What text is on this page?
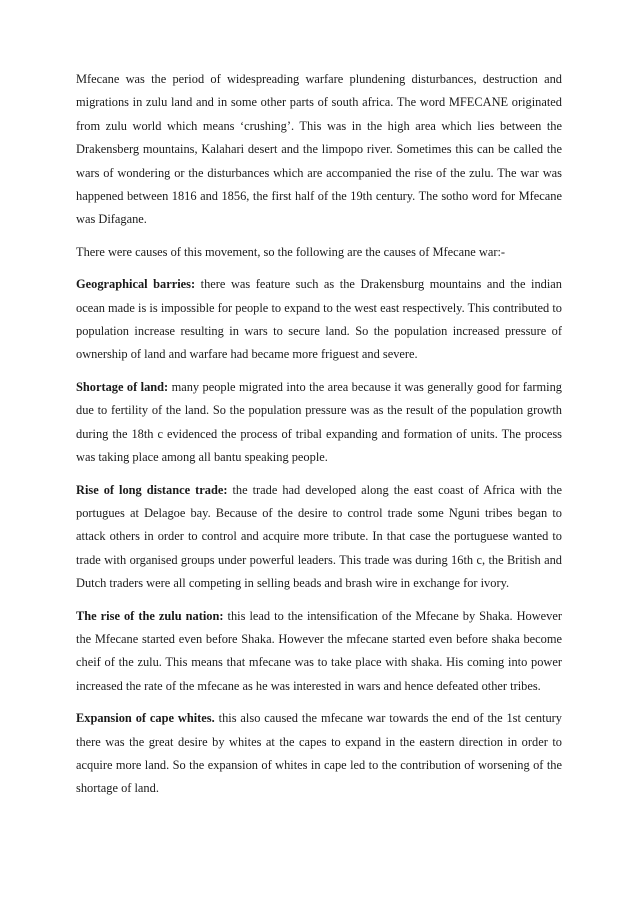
Mfecane was the period of widespreading warfare plundening disturbances, destruction and migrations in zulu land and in some other parts of south africa. The word MFECANE originated from zulu world which means ‘crushing’. This was in the high area which lies between the Drakensberg mountains, Kalahari desert and the limpopo river. Sometimes this can be called the wars of wondering or the disturbances which are accompanied the rise of the zulu. The war was happened between 1816 and 1856, the first half of the 19th century. The sotho word for Mfecane was Difagane.

There were causes of this movement, so the following are the causes of Mfecane war:-

Geographical barries: there was feature such as the Drakensburg mountains and the indian ocean made is is impossible for people to expand to the west east respectively. This contributed to population increase resulting in wars to secure land. So the population increased pressure of ownership of land and warfare had became more friguest and severe.

Shortage of land: many people migrated into the area because it was generally good for farming due to fertility of the land. So the population pressure was as the result of the population growth during the 18th c evidenced the process of tribal expanding and formation of units. The process was taking place among all bantu speaking people.

Rise of long distance trade: the trade had developed along the east coast of Africa with the portugues at Delagoe bay. Because of the desire to control trade some Nguni tribes began to attack others in order to control and acquire more tribute. In that case the portuguese wanted to trade with organised groups under powerful leaders. This trade was during 16th c, the British and Dutch traders were all competing in selling beads and brash wire in exchange for ivory.

The rise of the zulu nation: this lead to the intensification of the Mfecane by Shaka. However the Mfecane started even before Shaka. However the mfecane started even before shaka become cheif of the zulu. This means that mfecane was to take place with shaka. His coming into power increased the rate of the mfecane as he was interested in wars and hence defeated other tribes.

Expansion of cape whites. this also caused the mfecane war towards the end of the 1st century there was the great desire by whites at the capes to expand in the eastern direction in order to acquire more land. So the expansion of whites in cape led to the contribution of worsening of the shortage of land.
